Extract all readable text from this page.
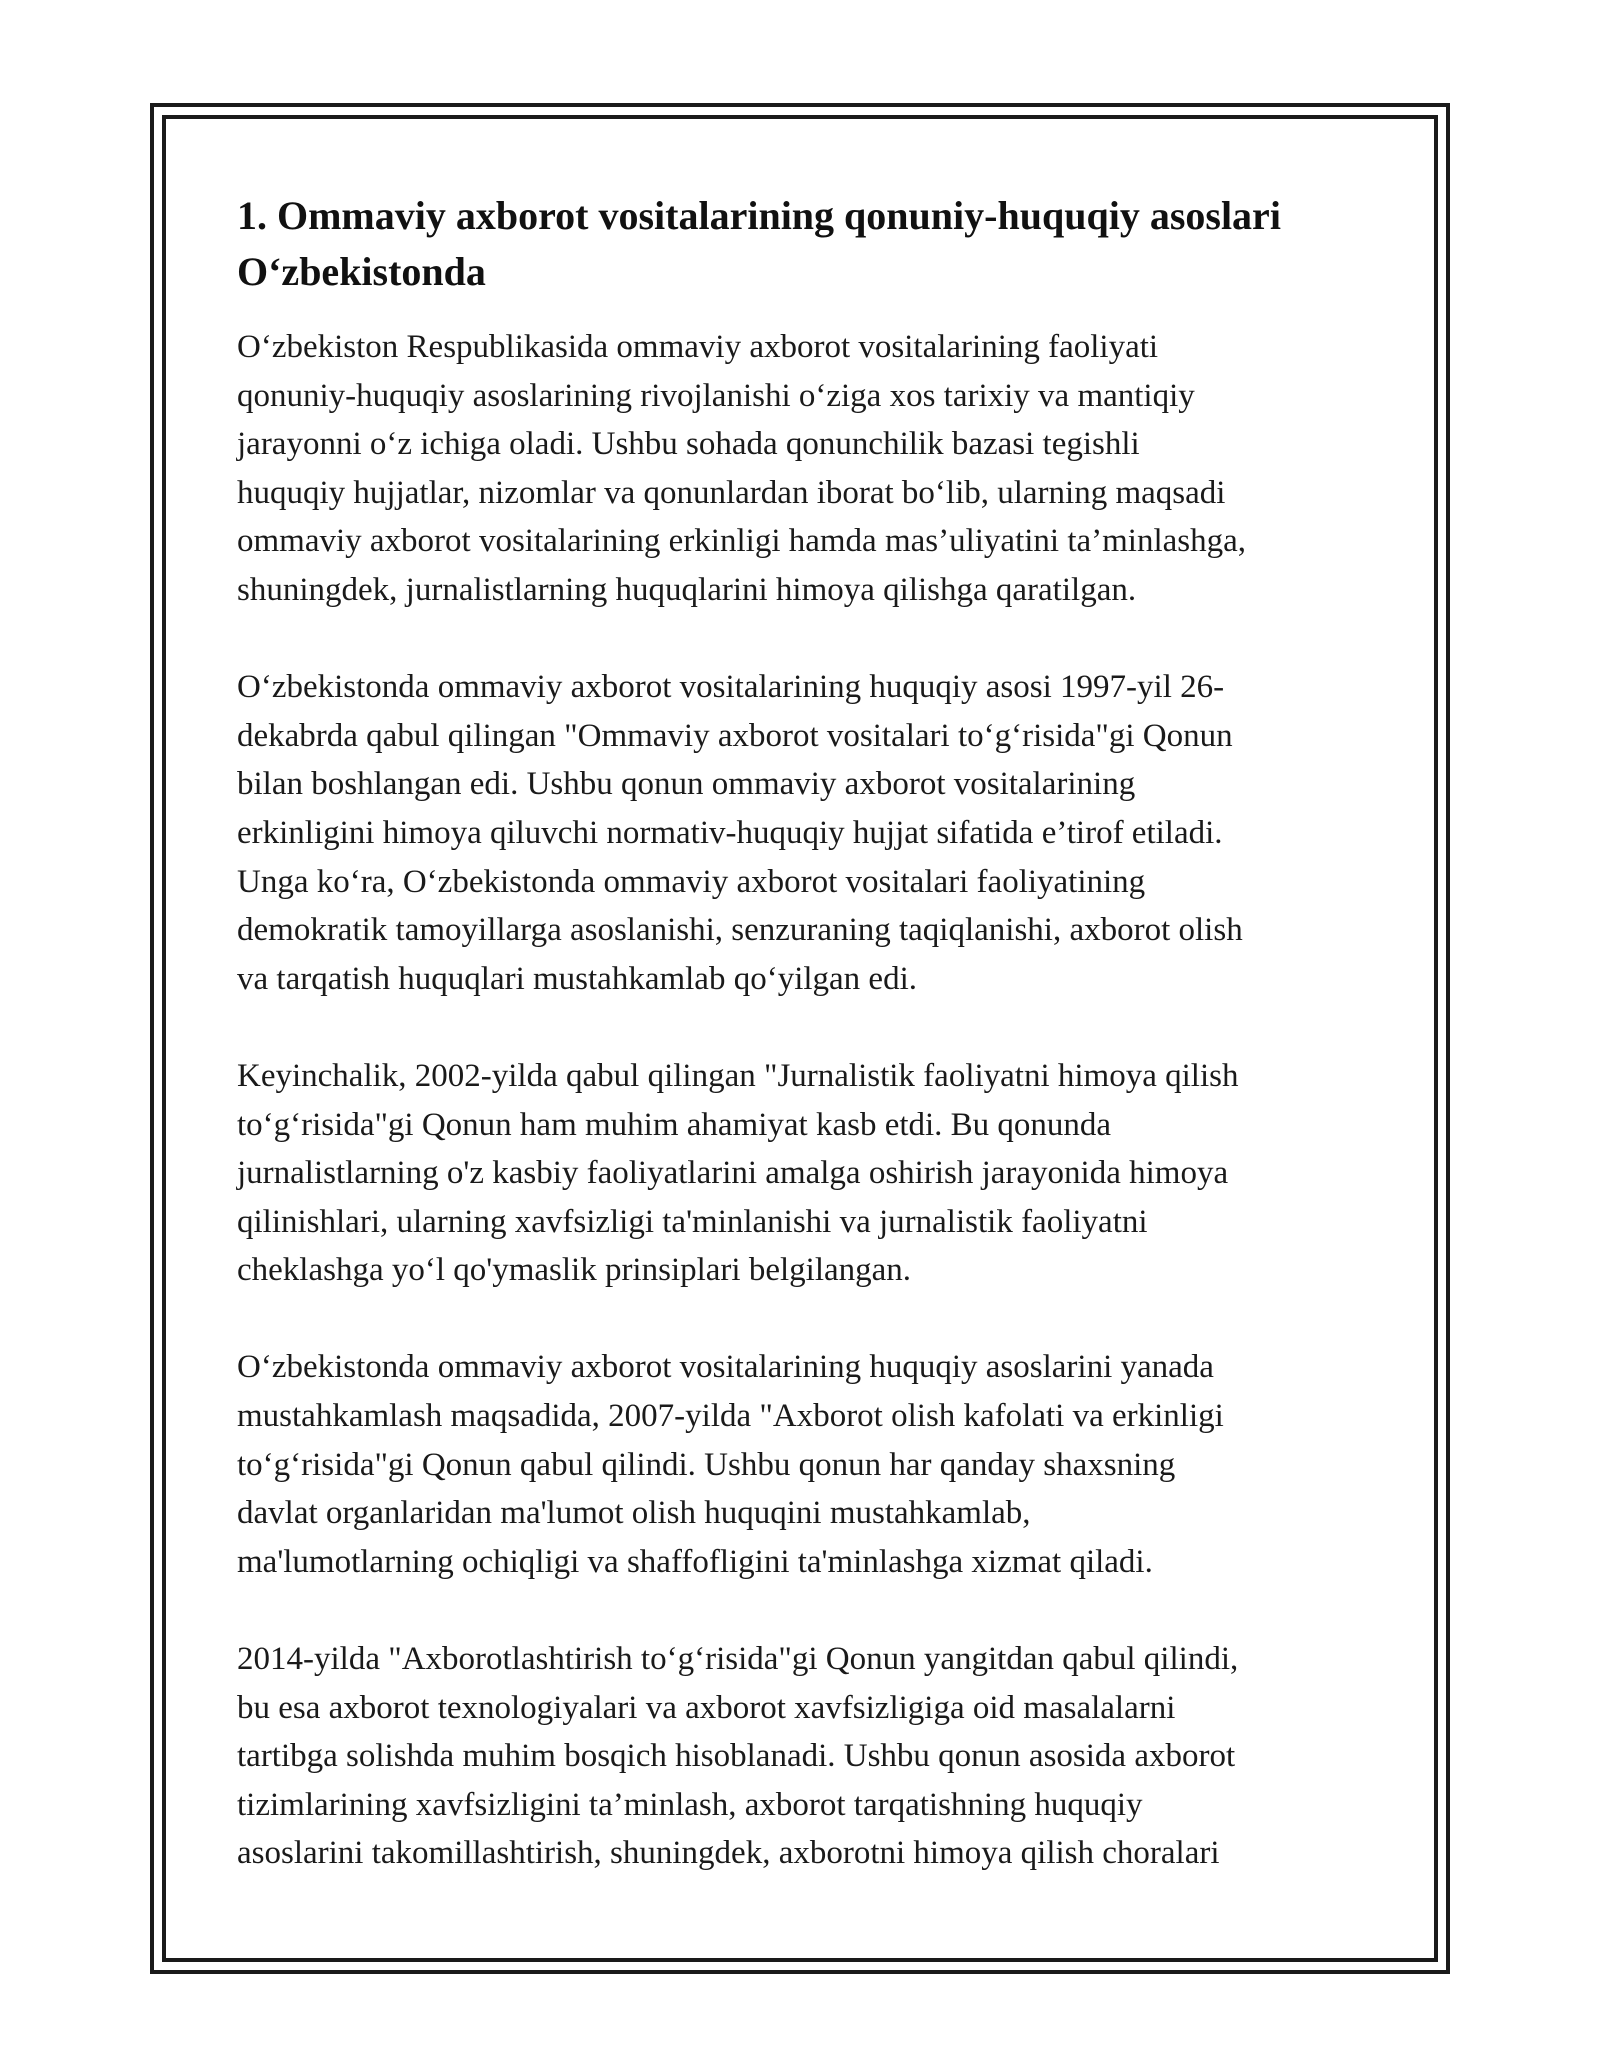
1. Ommaviy axborot vositalarining qonuniy-huquqiy asoslari O‘zbekistonda

O‘zbekiston Respublikasida ommaviy axborot vositalarining faoliyati
qonuniy-huquqiy asoslarining rivojlanishi o‘ziga xos tarixiy va mantiqiy
jarayonni o‘z ichiga oladi. Ushbu sohada qonunchilik bazasi tegishli
huquqiy hujjatlar, nizomlar va qonunlardan iborat bo‘lib, ularning maqsadi
ommaviy axborot vositalarining erkinligi hamda mas’uliyatini ta’minlashga,
shuningdek, jurnalistlarning huquqlarini himoya qilishga qaratilgan.

O‘zbekistonda ommaviy axborot vositalarining huquqiy asosi 1997-yil 26-
dekabrda qabul qilingan "Ommaviy axborot vositalari to‘g‘risida"gi Qonun
bilan boshlangan edi. Ushbu qonun ommaviy axborot vositalarining
erkinligini himoya qiluvchi normativ-huquqiy hujjat sifatida e’tirof etiladi.
Unga ko‘ra, O‘zbekistonda ommaviy axborot vositalari faoliyatining
demokratik tamoyillarga asoslanishi, senzuraning taqiqlanishi, axborot olish
va tarqatish huquqlari mustahkamlab qo‘yilgan edi.

Keyinchalik, 2002-yilda qabul qilingan "Jurnalistik faoliyatni himoya qilish
to‘g‘risida"gi Qonun ham muhim ahamiyat kasb etdi. Bu qonunda
jurnalistlarning o'z kasbiy faoliyatlarini amalga oshirish jarayonida himoya
qilinishlari, ularning xavfsizligi ta'minlanishi va jurnalistik faoliyatni
cheklashga yo‘l qo'ymaslik prinsiplari belgilangan.

O‘zbekistonda ommaviy axborot vositalarining huquqiy asoslarini yanada
mustahkamlash maqsadida, 2007-yilda "Axborot olish kafolati va erkinligi
to‘g‘risida"gi Qonun qabul qilindi. Ushbu qonun har qanday shaxsning
davlat organlaridan ma'lumot olish huquqini mustahkamlab,
ma'lumotlarning ochiqligi va shaffofligini ta'minlashga xizmat qiladi.

2014-yilda "Axborotlashtirish to‘g‘risida"gi Qonun yangitdan qabul qilindi,
bu esa axborot texnologiyalari va axborot xavfsizligiga oid masalalarni
tartibga solishda muhim bosqich hisoblanadi. Ushbu qonun asosida axborot
tizimlarining xavfsizligini ta’minlash, axborot tarqatishning huquqiy
asoslarini takomillashtirish, shuningdek, axborotni himoya qilish choralari
